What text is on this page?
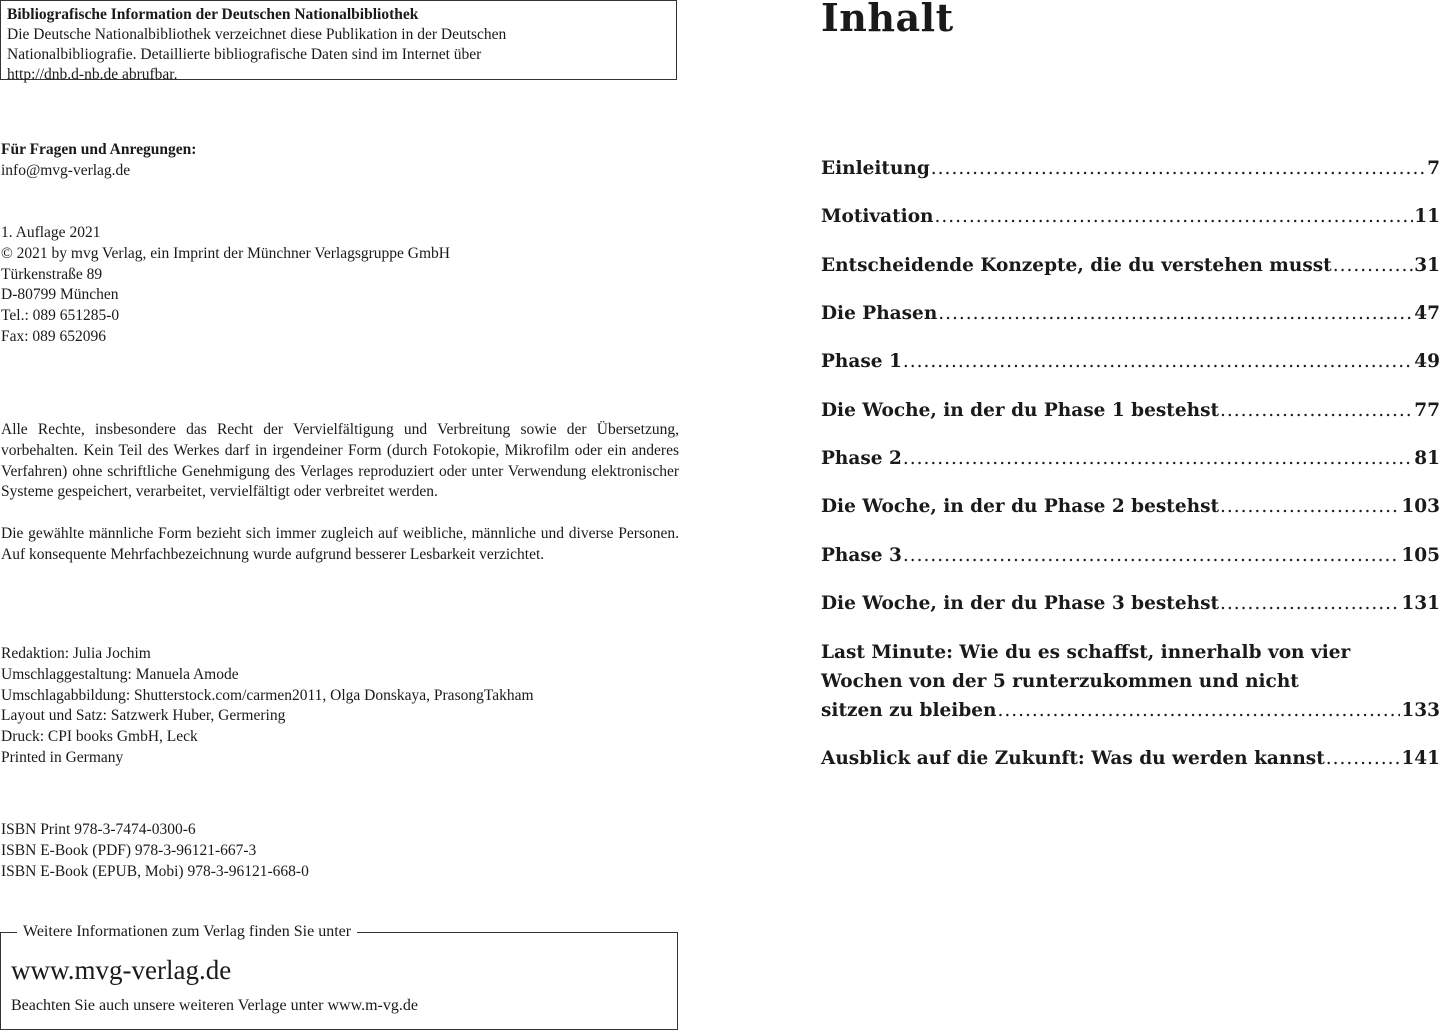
Bibliografische Information der Deutschen Nationalbibliothek
Die Deutsche Nationalbibliothek verzeichnet diese Publikation in der Deutschen
Nationalbibliografie. Detaillierte bibliografische Daten sind im Internet über
http://dnb.d-nb.de abrufbar.

Für Fragen und Anregungen:

info@mvg-verlag.de

1. Auflage 2021

© 2021 by mvg Verlag, ein Imprint der Münchner Verlagsgruppe GmbH

Türkenstraße 89

D-80799 München

Tel.: 089 651285-0

Fax: 089 652096

Alle Rechte, insbesondere das Recht der Vervielfältigung und Verbreitung sowie der Übersetzung, vorbehalten. Kein Teil des Werkes darf in irgendeiner Form (durch Fotokopie, Mikrofilm oder ein anderes Verfahren) ohne schriftliche Genehmigung des Verlages reproduziert oder unter Verwendung elektronischer Systeme gespeichert, verarbeitet, vervielfältigt oder verbreitet werden.
Die gewählte männliche Form bezieht sich immer zugleich auf weibliche, männliche und diverse Personen. Auf konsequente Mehrfachbezeichnung wurde aufgrund besserer Lesbarkeit verzichtet.

Redaktion: Julia Jochim

Umschlaggestaltung: Manuela Amode

Umschlagabbildung: Shutterstock.com/carmen2011, Olga Donskaya, PrasongTakham

Layout und Satz: Satzwerk Huber, Germering

Druck: CPI books GmbH, Leck

Printed in Germany

ISBN Print 978-3-7474-0300-6

ISBN E-Book (PDF) 978-3-96121-667-3

ISBN E-Book (EPUB, Mobi) 978-3-96121-668-0

Weitere Informationen zum Verlag finden Sie unter
www.mvg-verlag.de
Beachten Sie auch unsere weiteren Verlage unter www.m-vg.de
Inhalt
Einleitung .....	7
Motivation .....	11
Entscheidende Konzepte, die du verstehen musst .....	31
Die Phasen .....	47
Phase 1 .....	49
Die Woche, in der du Phase 1 bestehst .....	77
Phase 2 .....	81
Die Woche, in der du Phase 2 bestehst .....	103
Phase 3 .....	105
Die Woche, in der du Phase 3 bestehst .....	131
Last Minute: Wie du es schaffst, innerhalb von vier
Wochen von der 5 runterzukommen und nicht
sitzen zu bleiben .....	133
Ausblick auf die Zukunft: Was du werden kannst .....	141
